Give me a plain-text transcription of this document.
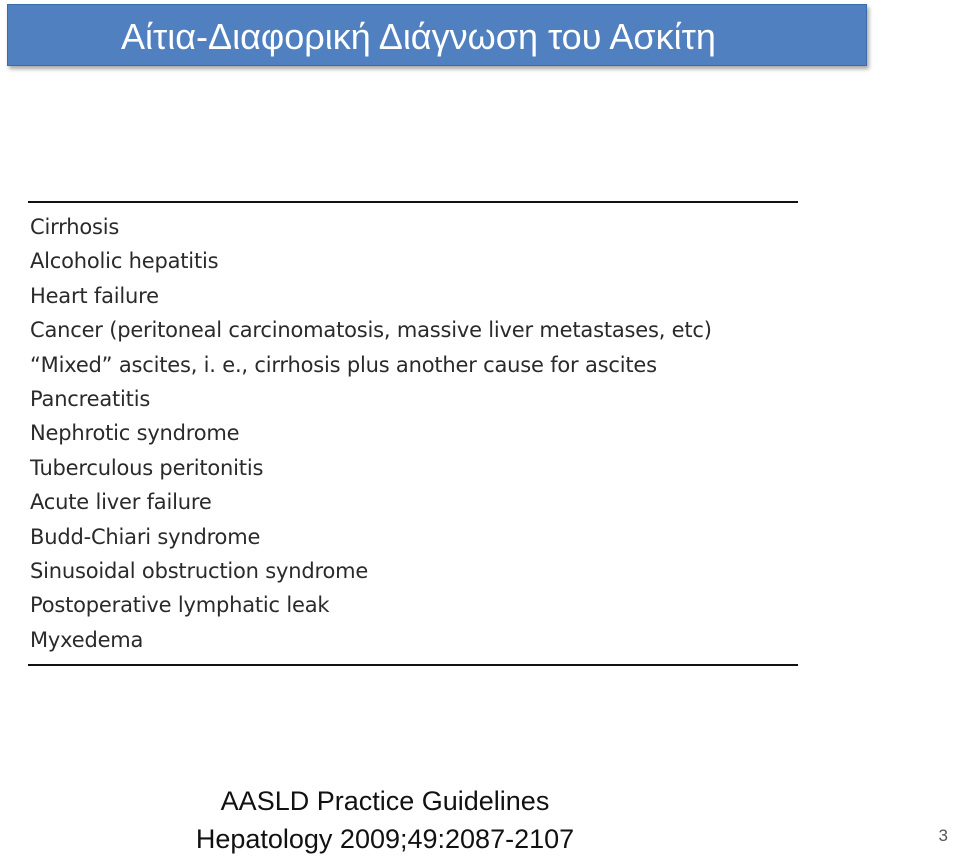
Αίτια-Διαφορική Διάγνωση του Ασκίτη
Cirrhosis
Alcoholic hepatitis
Heart failure
Cancer (peritoneal carcinomatosis, massive liver metastases, etc)
“Mixed” ascites, i. e., cirrhosis plus another cause for ascites
Pancreatitis
Nephrotic syndrome
Tuberculous peritonitis
Acute liver failure
Budd-Chiari syndrome
Sinusoidal obstruction syndrome
Postoperative lymphatic leak
Myxedema
AASLD Practice Guidelines
Hepatology 2009;49:2087-2107	3
